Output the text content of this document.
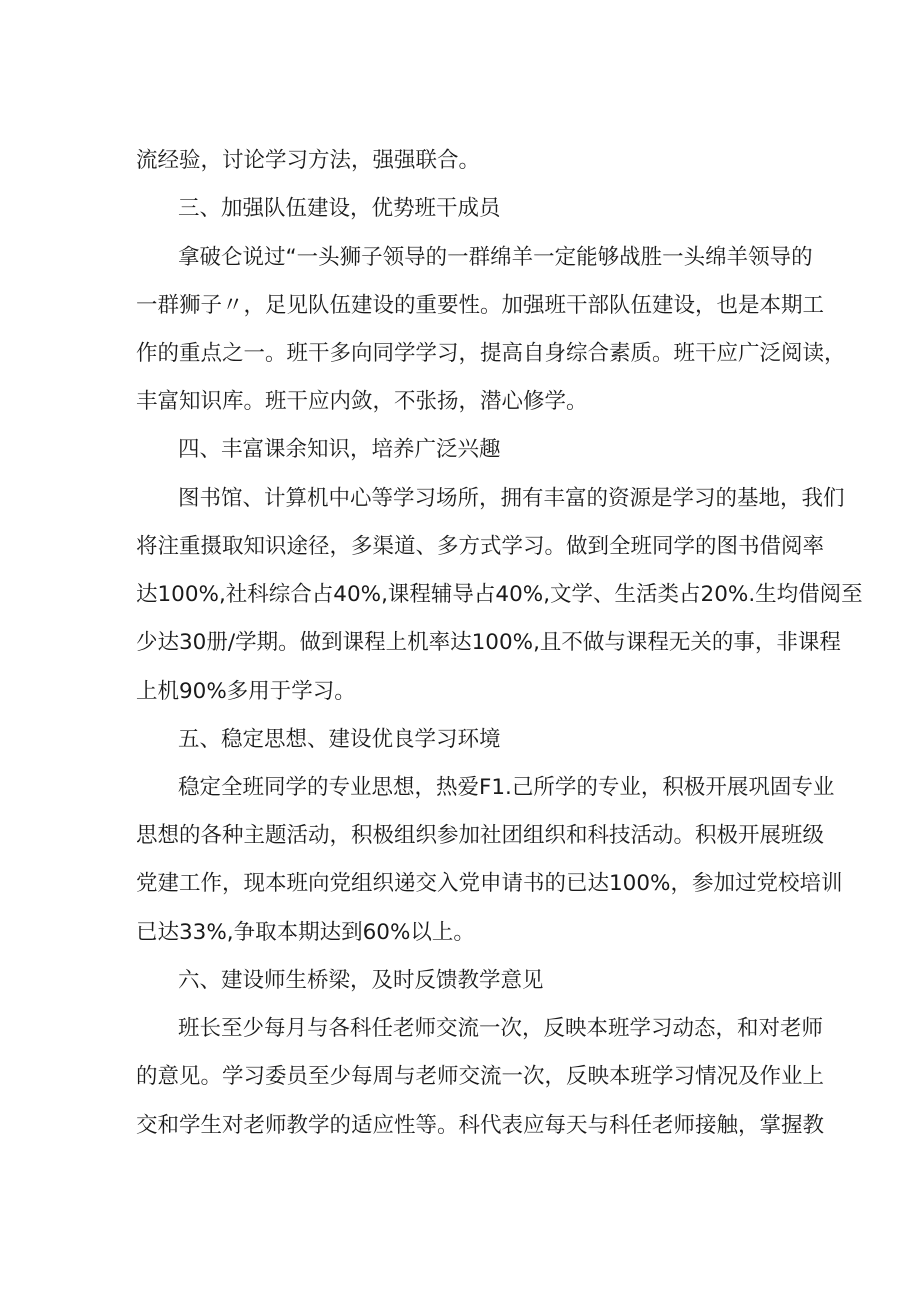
流经验，讨论学习方法，强强联合。
三、加强队伍建设，优势班干成员
拿破仑说过“一头狮子领导的一群绵羊一定能够战胜一头绵羊领导的
一群狮子〃，足见队伍建设的重要性。加强班干部队伍建设，也是本期工
作的重点之一。班干多向同学学习，提高自身综合素质。班干应广泛阅读，
丰富知识库。班干应内敛，不张扬，潜心修学。
四、丰富课余知识，培养广泛兴趣
图书馆、计算机中心等学习场所，拥有丰富的资源是学习的基地，我们
将注重摄取知识途径，多渠道、多方式学习。做到全班同学的图书借阅率
达100%,社科综合占40%,课程辅导占40%,文学、生活类占20%.生均借阅至
少达30册/学期。做到课程上机率达100%,且不做与课程无关的事，非课程
上机90%多用于学习。
五、稳定思想、建设优良学习环境
稳定全班同学的专业思想，热爱F1.己所学的专业，积极开展巩固专业
思想的各种主题活动，积极组织参加社团组织和科技活动。积极开展班级
党建工作，现本班向党组织递交入党申请书的已达100%，参加过党校培训
已达33%,争取本期达到60%以上。
六、建设师生桥梁，及时反馈教学意见
班长至少每月与各科任老师交流一次，反映本班学习动态，和对老师
的意见。学习委员至少每周与老师交流一次，反映本班学习情况及作业上
交和学生对老师教学的适应性等。科代表应每天与科任老师接触，掌握教
